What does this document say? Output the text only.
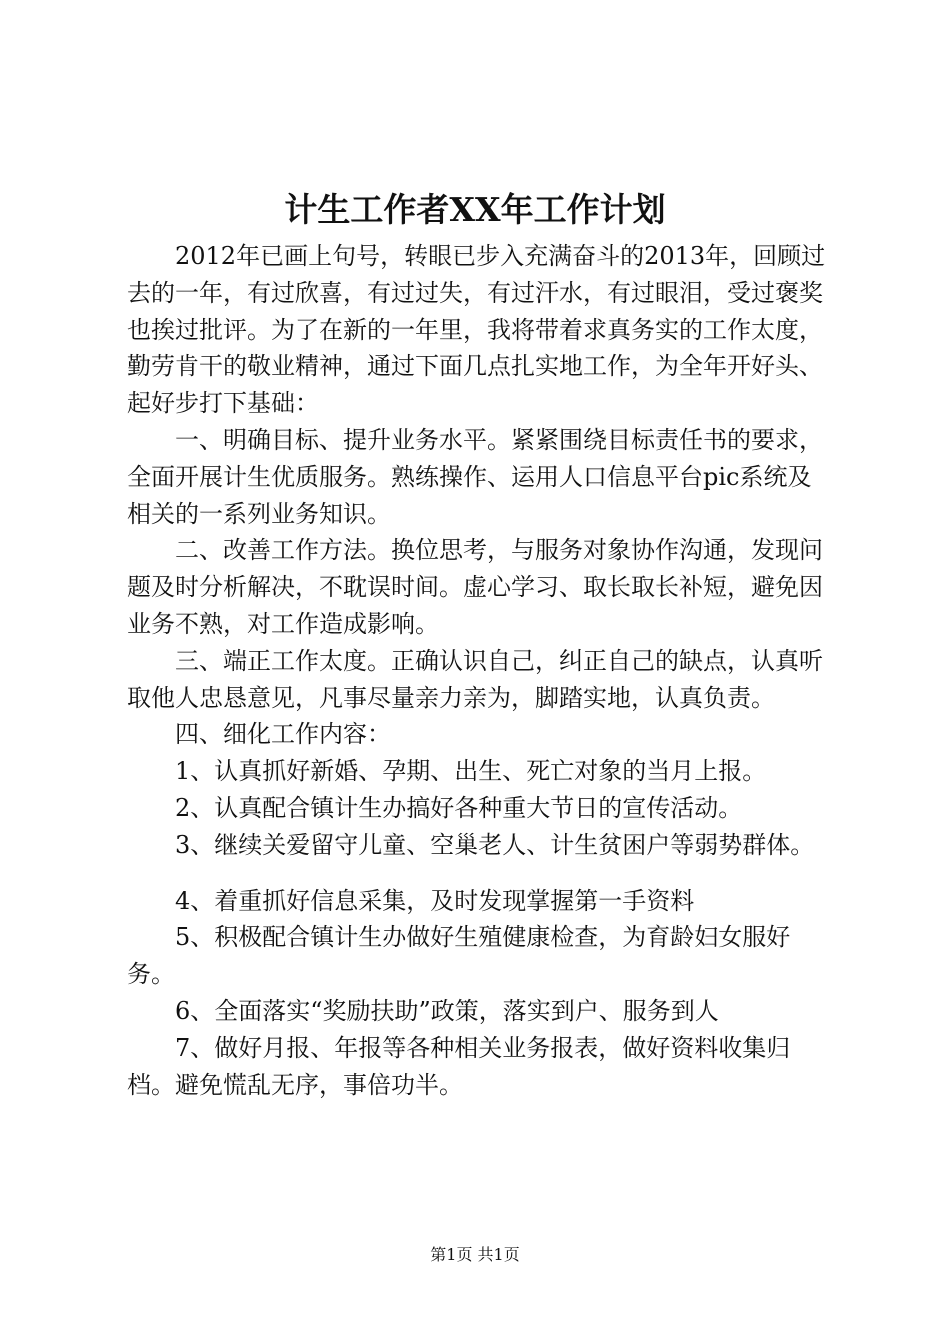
计生工作者XX年工作计划

2012年已画上句号，转眼已步入充满奋斗的2013年，回顾过去的一年，有过欣喜，有过过失，有过汗水，有过眼泪，受过褒奖也挨过批评。为了在新的一年里，我将带着求真务实的工作太度，勤劳肯干的敬业精神，通过下面几点扎实地工作，为全年开好头、起好步打下基础：

一、明确目标、提升业务水平。紧紧围绕目标责任书的要求，全面开展计生优质服务。熟练操作、运用人口信息平台pic系统及相关的一系列业务知识。

二、改善工作方法。换位思考，与服务对象协作沟通，发现问题及时分析解决，不耽误时间。虚心学习、取长取长补短，避免因业务不熟，对工作造成影响。

三、端正工作太度。正确认识自己，纠正自己的缺点，认真听取他人忠恳意见，凡事尽量亲力亲为，脚踏实地，认真负责。

四、细化工作内容：

1、认真抓好新婚、孕期、出生、死亡对象的当月上报。

2、认真配合镇计生办搞好各种重大节日的宣传活动。

3、继续关爱留守儿童、空巢老人、计生贫困户等弱势群体。

4、着重抓好信息采集，及时发现掌握第一手资料

5、积极配合镇计生办做好生殖健康检查，为育龄妇女服好务。

6、全面落实“奖励扶助”政策，落实到户、服务到人

7、做好月报、年报等各种相关业务报表，做好资料收集归档。避免慌乱无序，事倍功半。

第1页 共1页
